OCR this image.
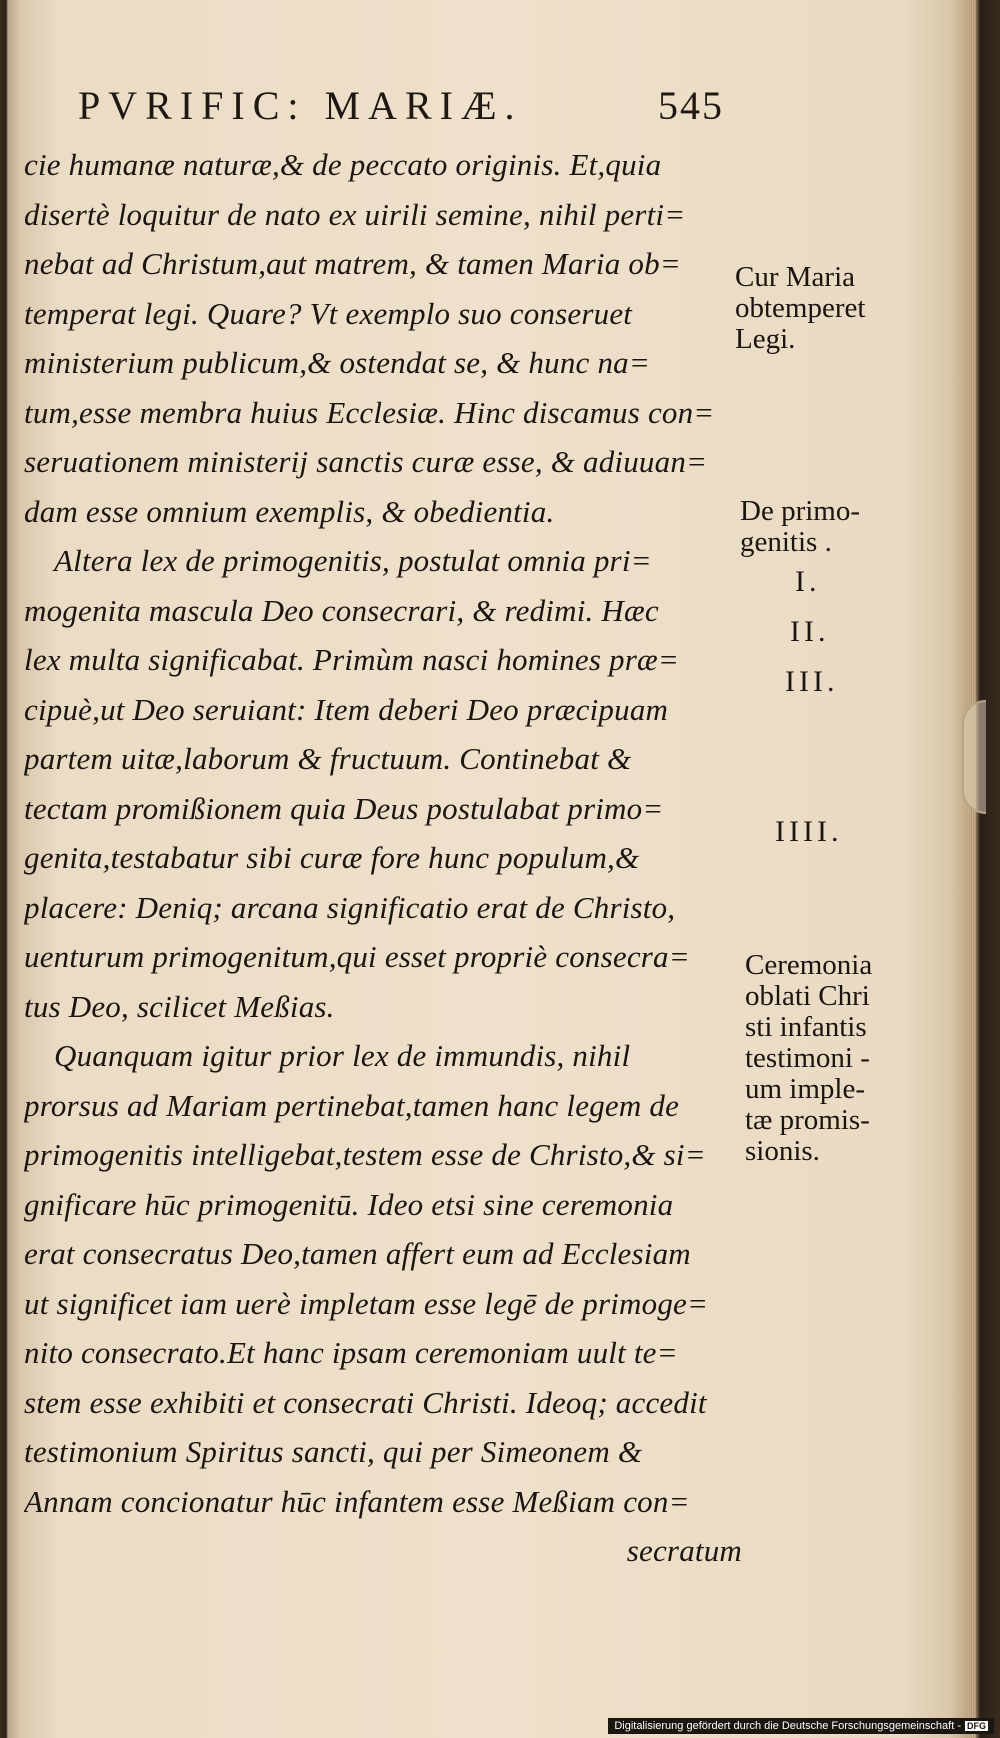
PVRIFIC: MARIÆ.	545
cie humanæ naturæ,& de peccato originis. Et,quia
disertè loquitur de nato ex uirili semine, nihil perti=
nebat ad Christum,aut matrem, & tamen Maria ob=
temperat legi. Quare? Vt exemplo suo conseruet
ministerium publicum,& ostendat se, & hunc na=
tum,esse membra huius Ecclesiæ. Hinc discamus con=
seruationem ministerij sanctis curæ esse, & adiuuan=
dam esse omnium exemplis, & obedientia.
Altera lex de primogenitis, postulat omnia pri=
mogenita mascula Deo consecrari, & redimi. Hæc
lex multa significabat. Primùm nasci homines præ=
cipuè,ut Deo seruiant: Item deberi Deo præcipuam
partem uitæ,laborum & fructuum. Continebat &
tectam promißionem quia Deus postulabat primo=
genita,testabatur sibi curæ fore hunc populum,&
placere: Deniq; arcana significatio erat de Christo,
uenturum primogenitum,qui esset propriè consecra=
tus Deo, scilicet Meßias.
Quanquam igitur prior lex de immundis, nihil
prorsus ad Mariam pertinebat,tamen hanc legem de
primogenitis intelligebat,testem esse de Christo,& si=
gnificare hūc primogenitū. Ideo etsi sine ceremonia
erat consecratus Deo,tamen affert eum ad Ecclesiam
ut significet iam uerè impletam esse legē de primoge=
nito consecrato.Et hanc ipsam ceremoniam uult te=
stem esse exhibiti et consecrati Christi. Ideoq; accedit
testimonium Spiritus sancti, qui per Simeonem &
Annam concionatur hūc infantem esse Meßiam con=
secratum
Cur Maria
obtemperet
Legi.
De primo-
genitis .
I.
II.
III.
IIII.
Ceremonia
oblati Chri
sti infantis
testimoni -
um imple-
tæ promis-
sionis.
Digitalisierung gefördert durch die Deutsche Forschungsgemeinschaft - DFG
